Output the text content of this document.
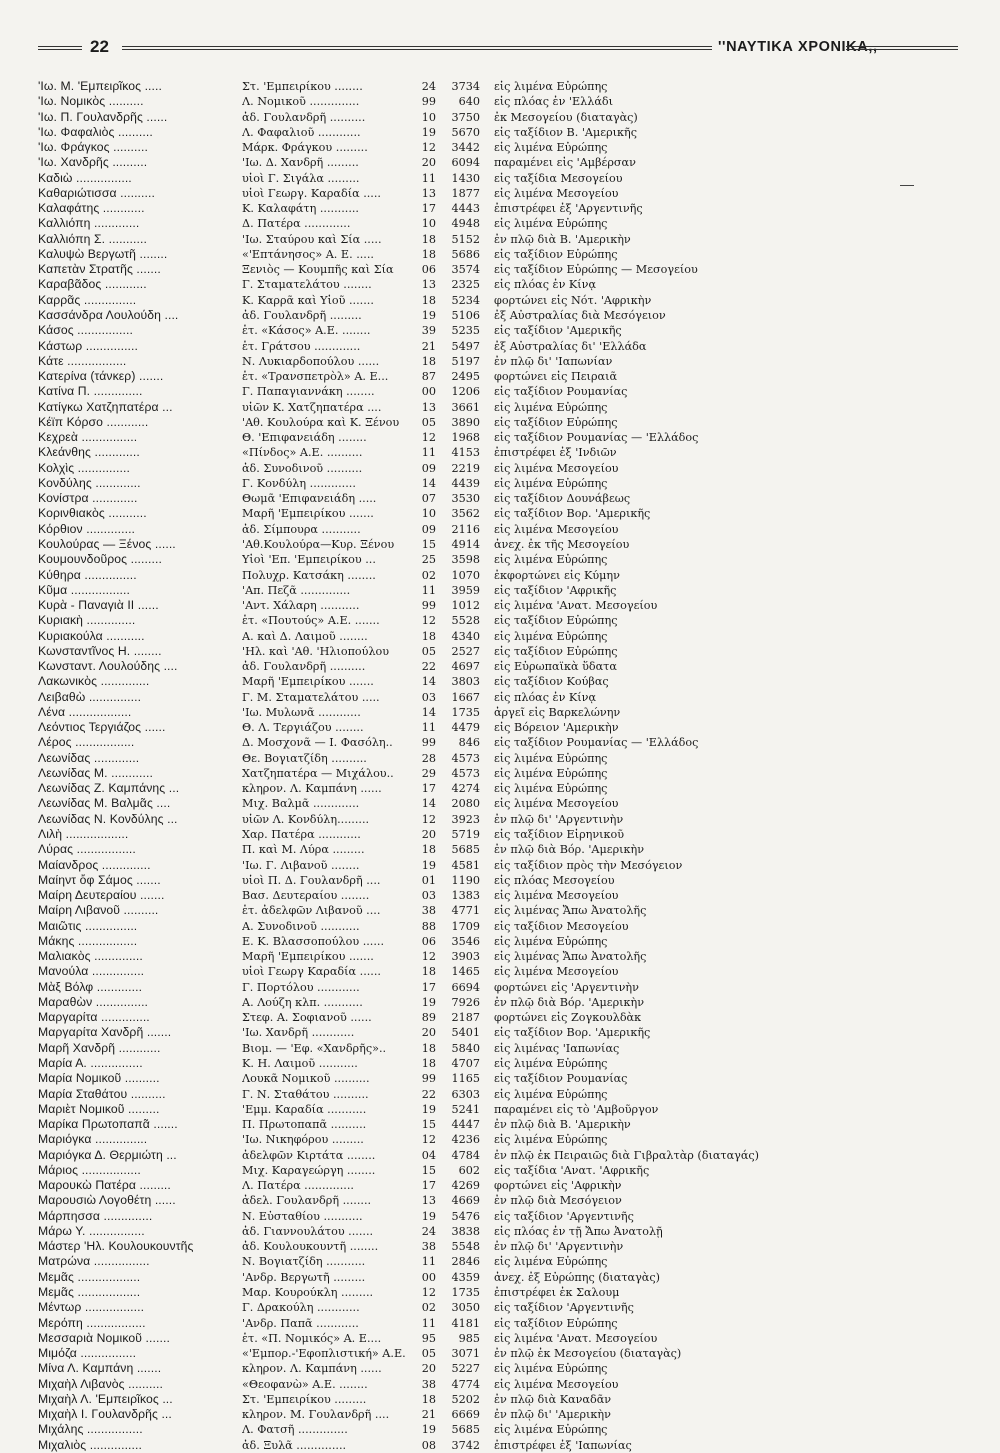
22	''ΝΑΥΤΙΚΑ ΧΡΟΝΙΚΑ,,
'Ιω. Μ. 'Εμπειρῖκος .....	Στ. 'Εμπειρίκου ........	24	3734 εἰς λιμένα Εὐρώπης
'Ιω. Νομικὸς ..........	Λ. Νομικοῦ ..............	99	640 εἰς πλόας ἐν 'Ελλάδι
'Ιω. Π. Γουλανδρῆς ......	ἀδ. Γουλανδρῆ ..........	10	3750 ἐκ Μεσογείου (διαταγὰς)
'Ιω. Φαφαλιὸς ..........	Λ. Φαφαλιοῦ ............	19	5670 εἰς ταξίδιον Β. 'Αμερικῆς
'Ιω. Φράγκος ..........	Μάρκ. Φράγκου .........	12	3442 εἰς λιμένα Εὐρώπης
'Ιω. Χανδρῆς ..........	'Ιω. Δ. Χανδρῆ .........	20	6094 παραμένει εἰς 'Αμβέρσαν
Καδιὼ ................	υἱοὶ Γ. Σιγάλα .........	11	1430 εἰς ταξίδια Μεσογείου
Καθαριώτισσα ..........	υἱοὶ Γεωργ. Καραδία .....	13	1877 εἰς λιμένα Μεσογείου
Καλαφάτης ............	Κ. Καλαφάτη ...........	17	4443 ἐπιστρέφει ἐξ 'Αργεντινῆς
Καλλιόπη .............	Δ. Πατέρα .............	10	4948 εἰς λιμένα Εὐρώπης
Καλλιόπη Σ. ...........	'Ιω. Σταύρου καὶ Σία .....	18	5152 ἐν πλῷ διὰ Β. 'Αμερικὴν
Καλυψὼ Βεργωτῆ ........	«'Επτάνησος» Α. Ε. .....	18	5686 εἰς ταξίδιον Εὐρώπης
Καπετὰν Στρατῆς .......	Ξενιὸς — Κουμπῆς καὶ Σία	06	3574 εἰς ταξίδιον Εὐρώπης — Μεσογείου
Καραβᾶδος ............	Γ. Σταματελάτου ........	13	2325 εἰς πλόας ἐν Κίνᾳ
Καρρᾶς ...............	Κ. Καρρᾶ καὶ Υἱοῦ .......	18	5234 φορτώνει εἰς Νότ. 'Αφρικὴν
Κασσάνδρα Λουλούδη ....	ἀδ. Γουλανδρῆ .........	19	5106 ἐξ Αὐστραλίας διὰ Μεσόγειον
Κάσος ................	ἑτ. «Κάσος» Α.Ε. ........	39	5235 εἰς ταξίδιον 'Αμερικῆς
Κάστωρ ...............	ἑτ. Γράτσου .............	21	5497 ἐξ Αὐστραλίας δι' 'Ελλάδα
Κάτε .................	Ν. Λυκιαρδοπούλου ......	18	5197 ἐν πλῷ δι' 'Ιαπωνίαν
Κατερίνα (τάνκερ) .......	ἑτ. «Τρανσπετρὸλ» Α. Ε...	87	2495 φορτώνει εἰς Πειραιᾶ
Κατίνα Π. ..............	Γ. Παπαγιαννάκη ........	00	1206 εἰς ταξίδιον Ρουμανίας
Κατίγκω Χατζηπατέρα ...	υἱῶν Κ. Χατζηπατέρα ....	13	3661 εἰς λιμένα Εὐρώπης
Κέϊπ Κόρσο ............	'Αθ. Κουλούρα καὶ Κ. Ξένου	05	3890 εἰς ταξίδιον Εὐρώπης
Κεχρεὰ ................	Θ. 'Επιφανειάδη ........	12	1968 εἰς ταξίδιον Ρουμανίας — 'Ελλάδος
Κλεάνθης .............	«Πίνδος» Α.Ε. ..........	11	4153 ἐπιστρέφει ἐξ 'Ινδιῶν
Κολχὶς ...............	ἀδ. Συνοδινοῦ ..........	09	2219 εἰς λιμένα Μεσογείου
Κονδύλης .............	Γ. Κονδύλη .............	14	4439 εἰς λιμένα Εὐρώπης
Κονίστρα .............	Θωμᾶ 'Επιφανειάδη .....	07	3530 εἰς ταξίδιον Δουνάβεως
Κορινθιακὸς ...........	Μαρῆ 'Εμπειρίκου .......	10	3562 εἰς ταξίδιον Βορ. 'Αμερικῆς
Κόρθιον ..............	ἀδ. Σίμπουρα ...........	09	2116 εἰς λιμένα Μεσογείου
Κουλούρας — Ξένος ......	'Αθ.Κουλούρα—Κυρ. Ξένου	15	4914 ἀνεχ. ἐκ τῆς Μεσογείου
Κουμουνδοῦρος .........	Υἱοὶ 'Επ. 'Εμπειρίκου ...	25	3598 εἰς λιμένα Εὐρώπης
Κύθηρα ...............	Πολυχρ. Κατσάκη ........	02	1070 ἐκφορτώνει εἰς Κύμην
Κῦμα .................	'Απ. Πεζᾶ ..............	11	3959 εἰς ταξίδιον 'Αφρικῆς
Κυρὰ - Παναγιὰ ΙΙ ......	'Αντ. Χάλαρη ...........	99	1012 εἰς λιμένα 'Ανατ. Μεσογείου
Κυριακὴ ..............	ἑτ. «Πουτούς» Α.Ε. .......	12	5528 εἰς ταξίδιον Εὐρώπης
Κυριακούλα ...........	Α. καὶ Δ. Λαιμοῦ ........	18	4340 εἰς λιμένα Εὐρώπης
Κωνσταντῖνος Η. ........	'Ηλ. καὶ 'Αθ. 'Ηλιοπούλου	05	2527 εἰς ταξίδιον Εὐρώπης
Κωνσταντ. Λουλούδης ....	ἀδ. Γουλανδρῆ ..........	22	4697 εἰς Εὐρωπαϊκὰ ὕδατα
Λακωνικὸς ..............	Μαρῆ 'Εμπειρίκου .......	14	3803 εἰς ταξίδιον Κούβας
Λειβαθὼ ...............	Γ. Μ. Σταματελάτου .....	03	1667 εἰς πλόας ἐν Κίνᾳ
Λένα ..................	'Ιω. Μυλωνᾶ ............	14	1735 ἀργεῖ εἰς Βαρκελώνην
Λεόντιος Τεργιάζος ......	Θ. Λ. Τεργιάζου ........	11	4479 εἰς Βόρειον 'Αμερικὴν
Λέρος .................	Δ. Μοσχονᾶ — Ι. Φασόλη..	99	846 εἰς ταξίδιον Ρουμανίας — 'Ελλάδος
Λεωνίδας .............	Θε. Βογιατζίδη ..........	28	4573 εἰς λιμένα Εὐρώπης
Λεωνίδας Μ. ............	Χατζηπατέρα — Μιχάλου..	29	4573 εἰς λιμένα Εὐρώπης
Λεωνίδας Ζ. Καμπάνης ...	κληρον. Λ. Καμπάνη ......	17	4274 εἰς λιμένα Εὐρώπης
Λεωνίδας Μ. Βαλμᾶς ....	Μιχ. Βαλμᾶ .............	14	2080 εἰς λιμένα Μεσογείου
Λεωνίδας Ν. Κονδύλης ...	υἱῶν Λ. Κονδύλη.........	12	3923 ἐν πλῷ δι' 'Αργεντινὴν
Λιλὴ ..................	Χαρ. Πατέρα ............	20	5719 εἰς ταξίδιον Εἰρηνικοῦ
Λύρας .................	Π. καὶ Μ. Λύρα .........	18	5685 ἐν πλῷ διὰ Βόρ. 'Αμερικὴν
Μαίανδρος ..............	'Ιω. Γ. Λιβανοῦ ........	19	4581 εἰς ταξίδιον πρὸς τὴν Μεσόγειον
Μαίηντ ὄφ Σάμος .......	υἱοὶ Π. Δ. Γουλανδρῆ ....	01	1190 εἰς πλόας Μεσογείου
Μαίρη Δευτεραίου .......	Βασ. Δευτεραίου ........	03	1383 εἰς λιμένα Μεσογείου
Μαίρη Λιβανοῦ ..........	ἑτ. ἀδελφῶν Λιβανοῦ ....	38	4771 εἰς λιμένας Ἄπω Ἀνατολῆς
Μαιῶτις ...............	Α. Συνοδινοῦ ...........	88	1709 εἰς ταξίδιον Μεσογείου
Μάκης .................	Ε. Κ. Βλασσοπούλου ......	06	3546 εἰς λιμένα Εὐρώπης
Μαλιακὸς ..............	Μαρῆ 'Εμπειρίκου .......	12	3903 εἰς λιμένας Ἄπω Ἀνατολῆς
Μανούλα ...............	υἱοὶ Γεωργ Καραδία ......	18	1465 εἰς λιμένα Μεσογείου
Μὰξ Βόλφ .............	Γ. Πορτόλου ............	17	6694 φορτώνει εἰς 'Αργεντινὴν
Μαραθὼν ...............	Α. Λούζη κλπ. ...........	19	7926 ἐν πλῷ διὰ Βόρ. 'Αμερικὴν
Μαργαρίτα ..............	Στεφ. Α. Σοφιανοῦ ......	89	2187 φορτώνει εἰς Ζογκουλδὰκ
Μαργαρίτα Χανδρῆ .......	'Ιω. Χανδρῆ ............	20	5401 εἰς ταξίδιον Βορ. 'Αμερικῆς
Μαρῆ Χανδρῆ ............	Βιομ. — 'Εφ. «Χανδρῆς»..	18	5840 εἰς λιμένας 'Ιαπωνίας
Μαρία Α. ...............	Κ. Η. Λαιμοῦ ...........	18	4707 εἰς λιμένα Εὐρώπης
Μαρία Νομικοῦ ..........	Λουκᾶ Νομικοῦ ..........	99	1165 εἰς ταξίδιον Ρουμανίας
Μαρία Σταθάτου ..........	Γ. Ν. Σταθάτου ..........	22	6303 εἰς λιμένα Εὐρώπης
Μαριὲτ Νομικοῦ .........	'Εμμ. Καραδία ...........	19	5241 παραμένει εἰς τὸ 'Αμβοῦργον
Μαρίκα Πρωτοπαπᾶ .......	Π. Πρωτοπαπᾶ ..........	15	4447 ἐν πλῷ διὰ Β. 'Αμερικὴν
Μαριόγκα ...............	'Ιω. Νικηφόρου .........	12	4236 εἰς λιμένα Εὐρώπης
Μαριόγκα Δ. Θερμιώτη ...	ἀδελφῶν Κιρτάτα ........	04	4784 ἐν πλῷ ἐκ Πειραιῶς διὰ Γιβραλτὰρ (διαταγάς)
Μάριος .................	Μιχ. Καραγεώργη ........	15	602 εἰς ταξίδια 'Ανατ. 'Αφρικῆς
Μαρουκὼ Πατέρα .........	Λ. Πατέρα ..............	17	4269 φορτώνει εἰς 'Αφρικὴν
Μαρουσιὼ Λογοθέτη ......	ἀδελ. Γουλανδρῆ ........	13	4669 ἐν πλῷ διὰ Μεσόγειον
Μάρπησσα ..............	Ν. Εὐσταθίου ...........	19	5476 εἰς ταξίδιον 'Αργεντινῆς
Μάρω Υ. ................	ἀδ. Γιαννουλάτου .......	24	3838 εἰς πλόας ἐν τῇ Ἄπω Ἀνατολῇ
Μάστερ 'Ηλ. Κουλουκουντῆς	ἀδ. Κουλουκουντῆ ........	38	5548 ἐν πλῷ δι' 'Αργεντινὴν
Ματρώνα ................	Ν. Βογιατζίδη ...........	11	2846 εἰς λιμένα Εὐρώπης
Μεμᾶς ..................	'Ανδρ. Βεργωτῆ .........	00	4359 ἀνεχ. ἐξ Εὐρώπης (διαταγὰς)
Μεμᾶς ..................	Μαρ. Κουρούκλη .........	12	1735 ἐπιστρέφει ἐκ Σαλουμ
Μέντωρ .................	Γ. Δρακούλη ............	02	3050 εἰς ταξίδιον 'Αργεντινῆς
Μερόπη .................	'Ανδρ. Παπᾶ ............	11	4181 εἰς ταξίδιον Εὐρώπης
Μεσσαριὰ Νομικοῦ .......	ἑτ. «Π. Νομικός» Α. Ε....	95	985 εἰς λιμένα 'Ανατ. Μεσογείου
Μιμόζα ................	«'Εμπορ.-'Εφοπλιστική» Α.Ε.	05	3071 ἐν πλῷ ἐκ Μεσογείου (διαταγὰς)
Μίνα Λ. Καμπάνη .......	κληρον. Λ. Καμπάνη ......	20	5227 εἰς λιμένα Εὐρώπης
Μιχαὴλ Λιβανὸς ..........	«Θεοφανὼ» Α.Ε. ........	38	4774 εἰς λιμένα Μεσογείου
Μιχαὴλ Λ. 'Εμπειρῖκος ...	Στ. 'Εμπειρίκου .........	18	5202 ἐν πλῷ διὰ Καναδᾶν
Μιχαὴλ Ι. Γουλανδρῆς ...	κληρον. Μ. Γουλανδρῆ ....	21	6669 ἐν πλῷ δι' 'Αμερικὴν
Μιχάλης ................	Λ. Φατσῆ ..............	19	5685 εἰς λιμένα Εὐρώπης
Μιχαλιὸς ...............	ἀδ. Ξυλᾶ ..............	08	3742 ἐπιστρέφει ἐξ 'Ιαπωνίας
